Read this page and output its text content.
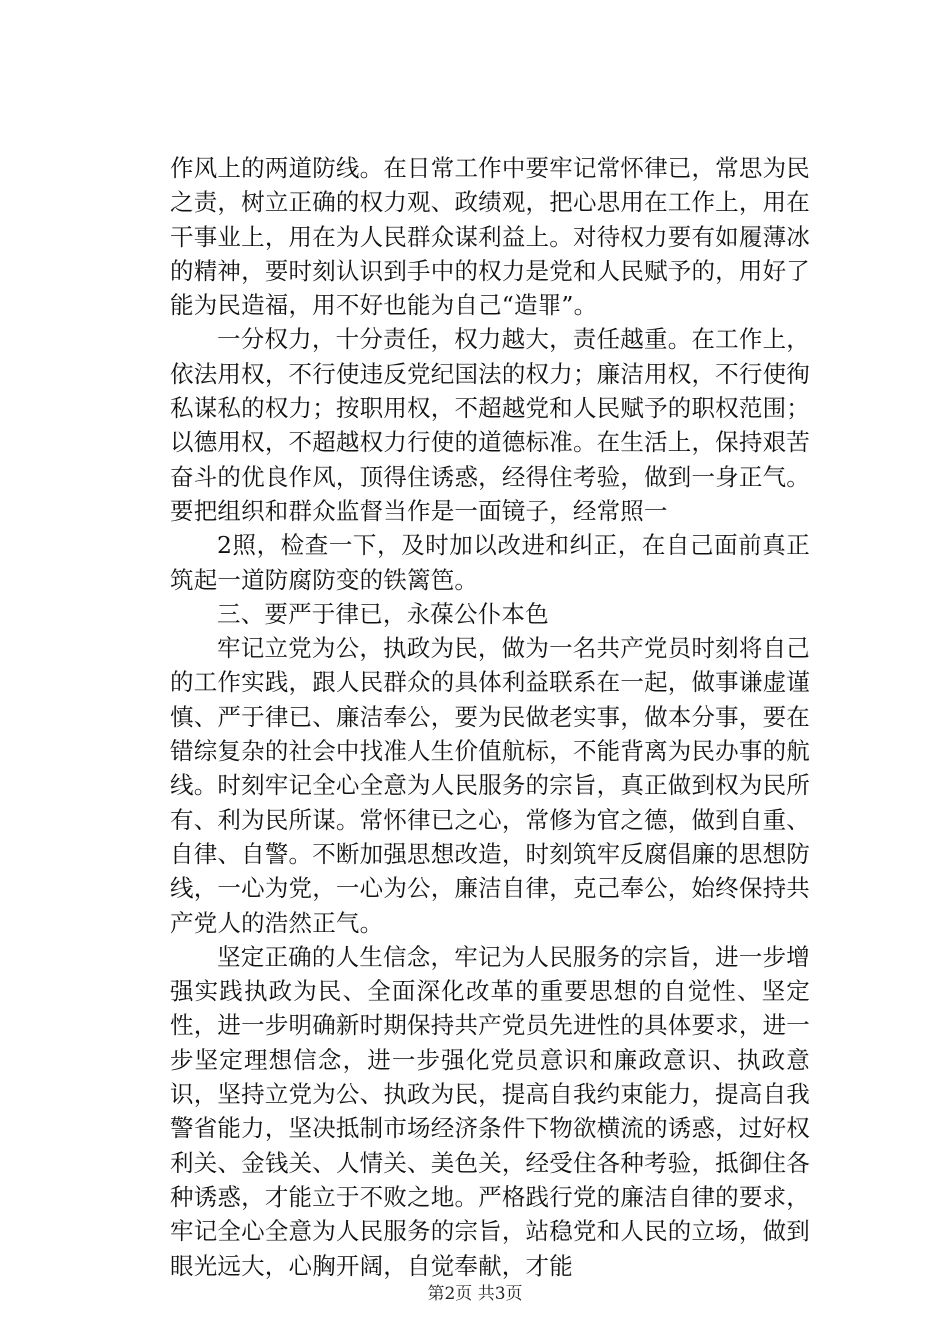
作风上的两道防线。在日常工作中要牢记常怀律已，常思为民之责，树立正确的权力观、政绩观，把心思用在工作上，用在干事业上，用在为人民群众谋利益上。对待权力要有如履薄冰的精神，要时刻认识到手中的权力是党和人民赋予的，用好了能为民造福，用不好也能为自己“造罪”。

一分权力，十分责任，权力越大，责任越重。在工作上，依法用权，不行使违反党纪国法的权力；廉洁用权，不行使徇私谋私的权力；按职用权，不超越党和人民赋予的职权范围；以德用权，不超越权力行使的道德标准。在生活上，保持艰苦奋斗的优良作风，顶得住诱惑，经得住考验，做到一身正气。要把组织和群众监督当作是一面镜子，经常照一

2照，检查一下，及时加以改进和纠正，在自己面前真正筑起一道防腐防变的铁篱笆。

三、要严于律已，永葆公仆本色

牢记立党为公，执政为民，做为一名共产党员时刻将自己的工作实践，跟人民群众的具体利益联系在一起，做事谦虚谨慎、严于律已、廉洁奉公，要为民做老实事，做本分事，要在错综复杂的社会中找准人生价值航标，不能背离为民办事的航线。时刻牢记全心全意为人民服务的宗旨，真正做到权为民所有、利为民所谋。常怀律已之心，常修为官之德，做到自重、自律、自警。不断加强思想改造，时刻筑牢反腐倡廉的思想防线，一心为党，一心为公，廉洁自律，克己奉公，始终保持共产党人的浩然正气。

坚定正确的人生信念，牢记为人民服务的宗旨，进一步增强实践执政为民、全面深化改革的重要思想的自觉性、坚定性，进一步明确新时期保持共产党员先进性的具体要求，进一步坚定理想信念，进一步强化党员意识和廉政意识、执政意识，坚持立党为公、执政为民，提高自我约束能力，提高自我警省能力，坚决抵制市场经济条件下物欲横流的诱惑，过好权利关、金钱关、人情关、美色关，经受住各种考验，抵御住各种诱惑，才能立于不败之地。严格践行党的廉洁自律的要求，牢记全心全意为人民服务的宗旨，站稳党和人民的立场，做到眼光远大，心胸开阔，自觉奉献，才能

第2页 共3页
